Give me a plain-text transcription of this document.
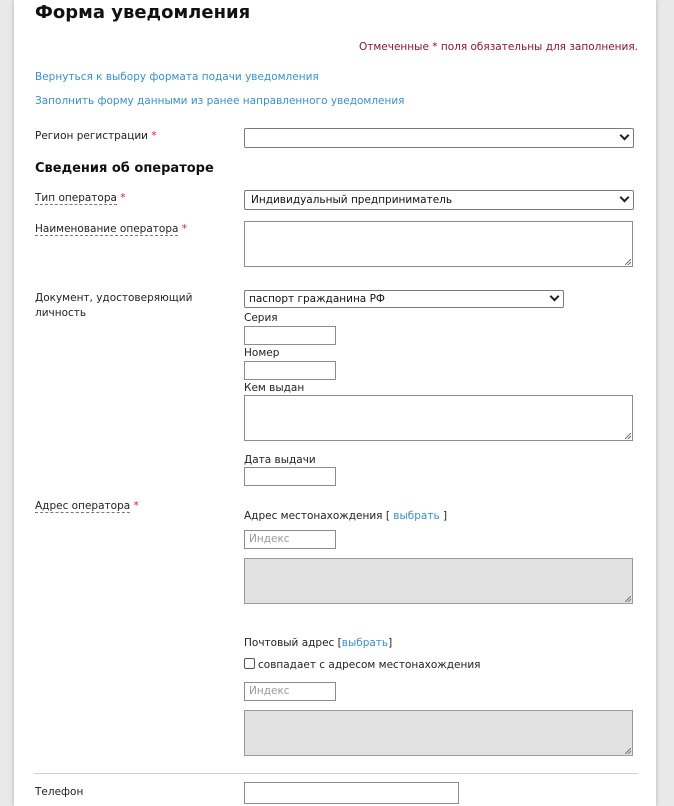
Форма уведомления
Отмеченные * поля обязательны для заполнения.
Вернуться к выбору формата подачи уведомления
Заполнить форму данными из ранее направленного уведомления
Регион регистрации *
Сведения об операторе
Тип оператора *	Индивидуальный предприниматель
Наименование оператора *
Документ, удостоверяющий личность
паспорт гражданина РФ
Серия
Номер
Кем выдан
Дата выдачи
Адрес оператора *
Адрес местонахождения [ выбрать ]
Индекс
Почтовый адрес [выбрать]
совпадает с адресом местонахождения
Индекс
Телефон
